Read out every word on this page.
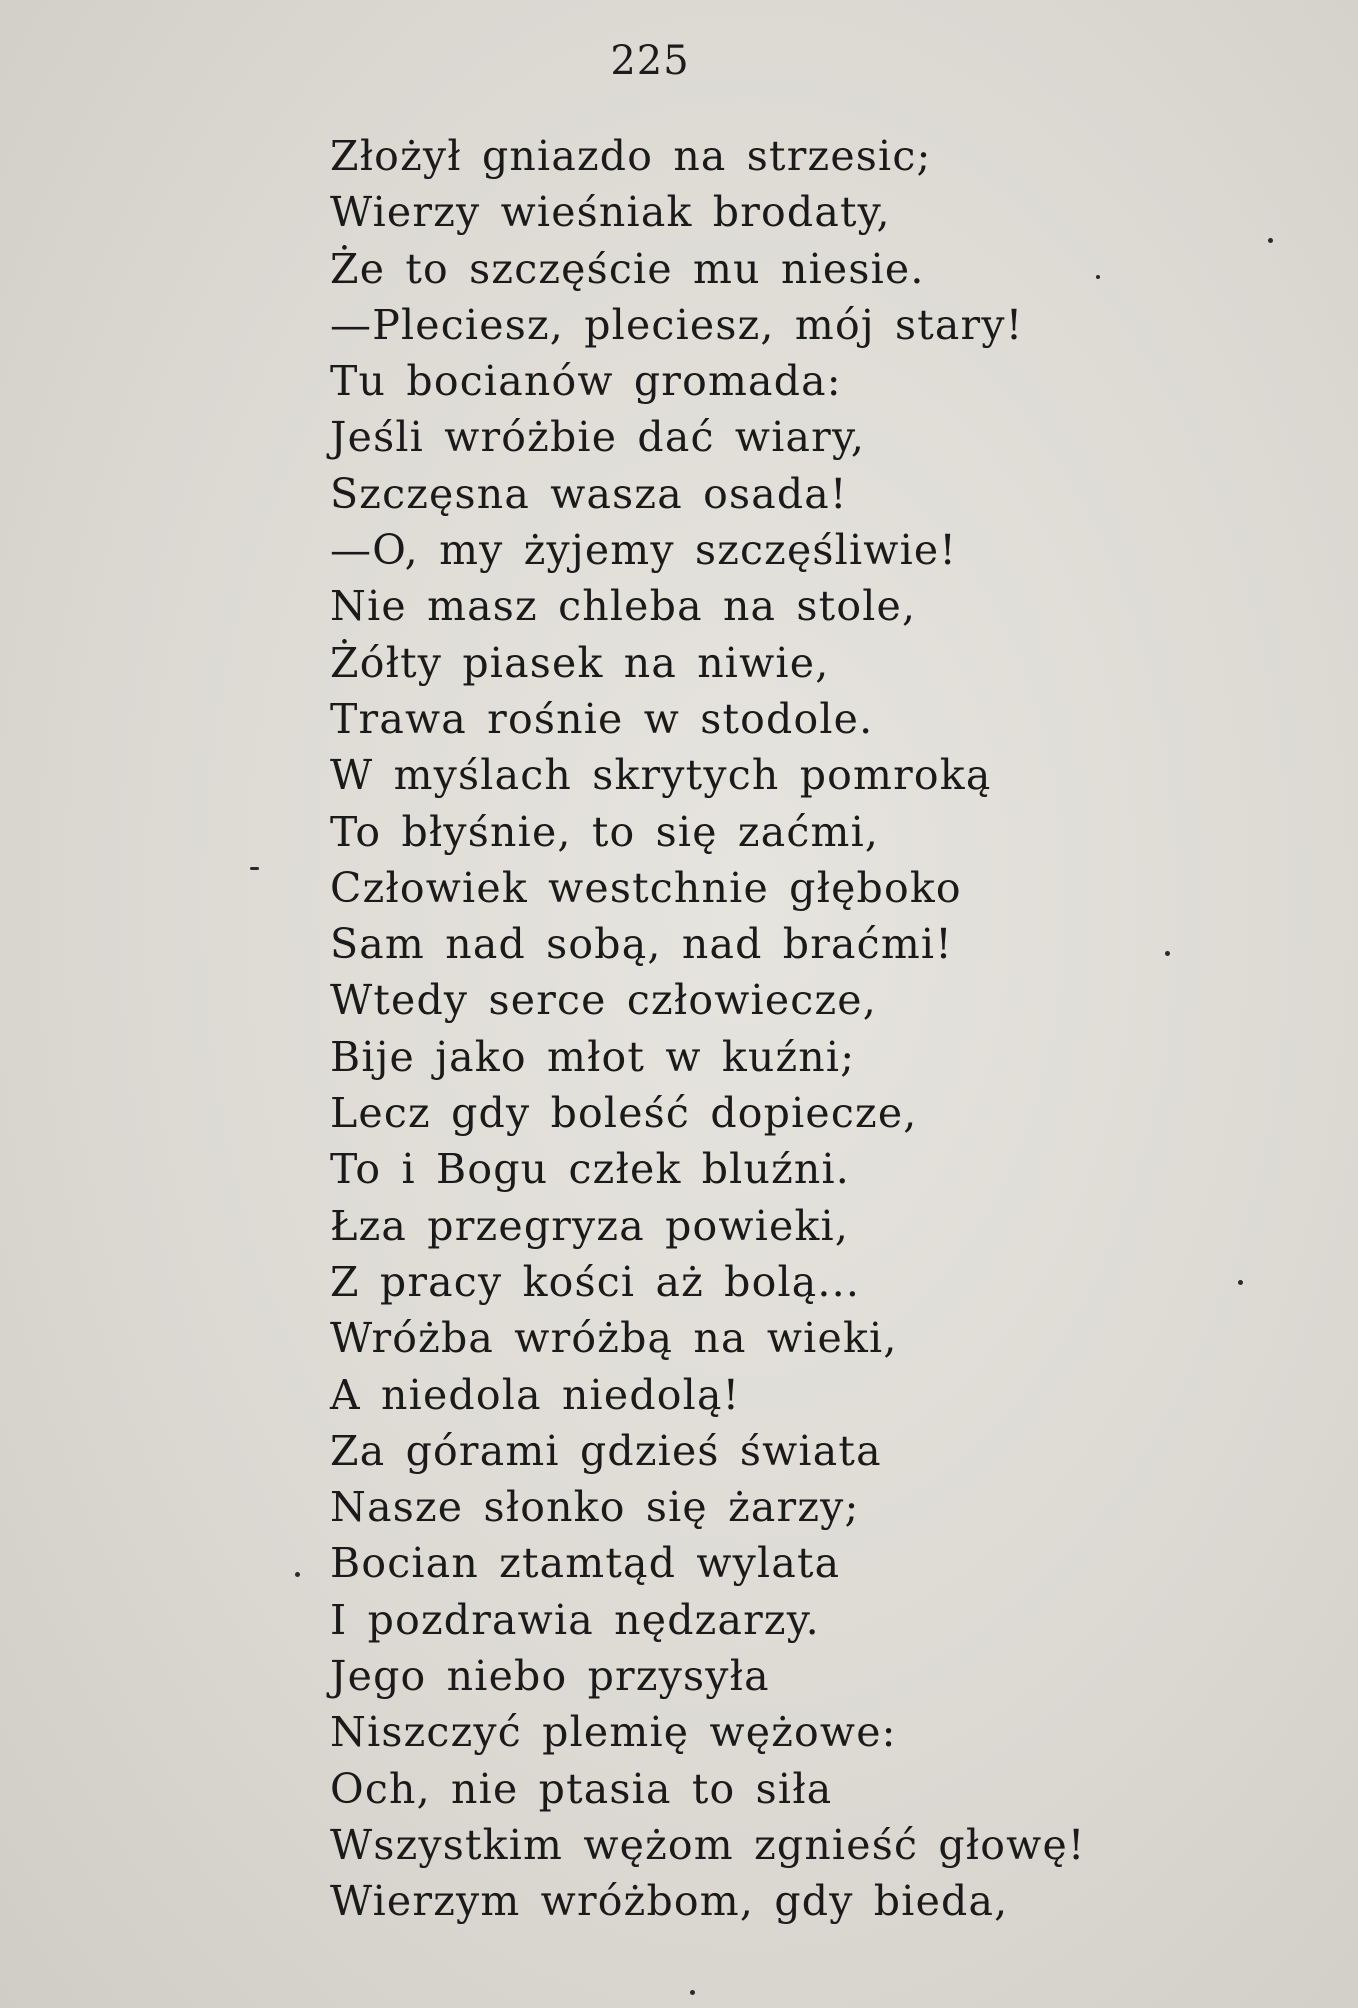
225
Złożył gniazdo na strzesic;
Wierzy wieśniak brodaty,
Że to szczęście mu niesie.
—Pleciesz, pleciesz, mój stary!
Tu bocianów gromada:
Jeśli wróżbie dać wiary,
Szczęsna wasza osada!
—O, my żyjemy szczęśliwie!
Nie masz chleba na stole,
Żółty piasek na niwie,
Trawa rośnie w stodole.
W myślach skrytych pomroką
To błyśnie, to się zaćmi,
Człowiek westchnie głęboko
Sam nad sobą, nad braćmi!
Wtedy serce człowiecze,
Bije jako młot w kuźni;
Lecz gdy boleść dopiecze,
To i Bogu człek bluźni.
Łza przegryza powieki,
Z pracy kości aż bolą...
Wróżba wróżbą na wieki,
A niedola niedolą!
Za górami gdzieś świata
Nasze słonko się żarzy;
Bocian ztamtąd wylata
I pozdrawia nędzarzy.
Jego niebo przysyła
Niszczyć plemię wężowe:
Och, nie ptasia to siła
Wszystkim wężom zgnieść głowę!
Wierzym wróżbom, gdy bieda,
